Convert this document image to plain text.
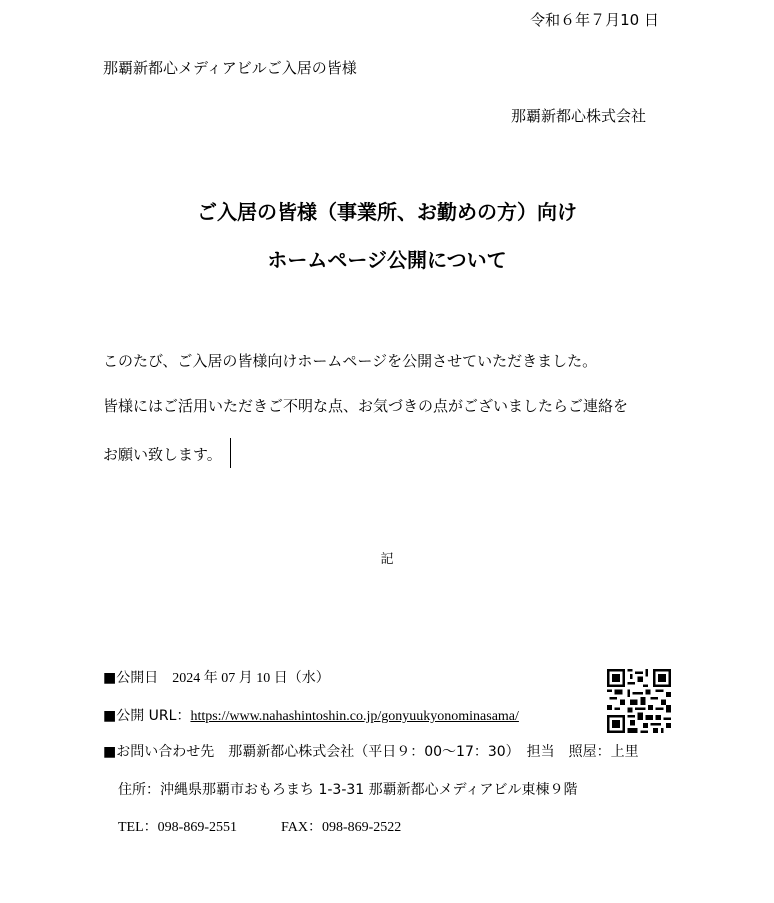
令和６年７月10 日
那覇新都心メディアビルご入居の皆様
那覇新都心株式会社
ご入居の皆様（事業所、お勤めの方）向け
ホームページ公開について
このたび、ご入居の皆様向けホームページを公開させていただきました。
皆様にはご活用いただきご不明な点、お気づきの点がございましたらご連絡を
お願い致します。
記
■公開日　 2024 年 07 月 10 日（水）
■公開 URL：https://www.nahashintoshin.co.jp/gonyuukyonominasama/
■お問い合わせ先　那覇新都心株式会社（平日９：00～17：30）　担当　照屋：上里
住所：沖縄県那覇市おもろまち 1-3-31 那覇新都心メディアビル東棟９階
TEL：098-869-2551	FAX：098-869-2522
